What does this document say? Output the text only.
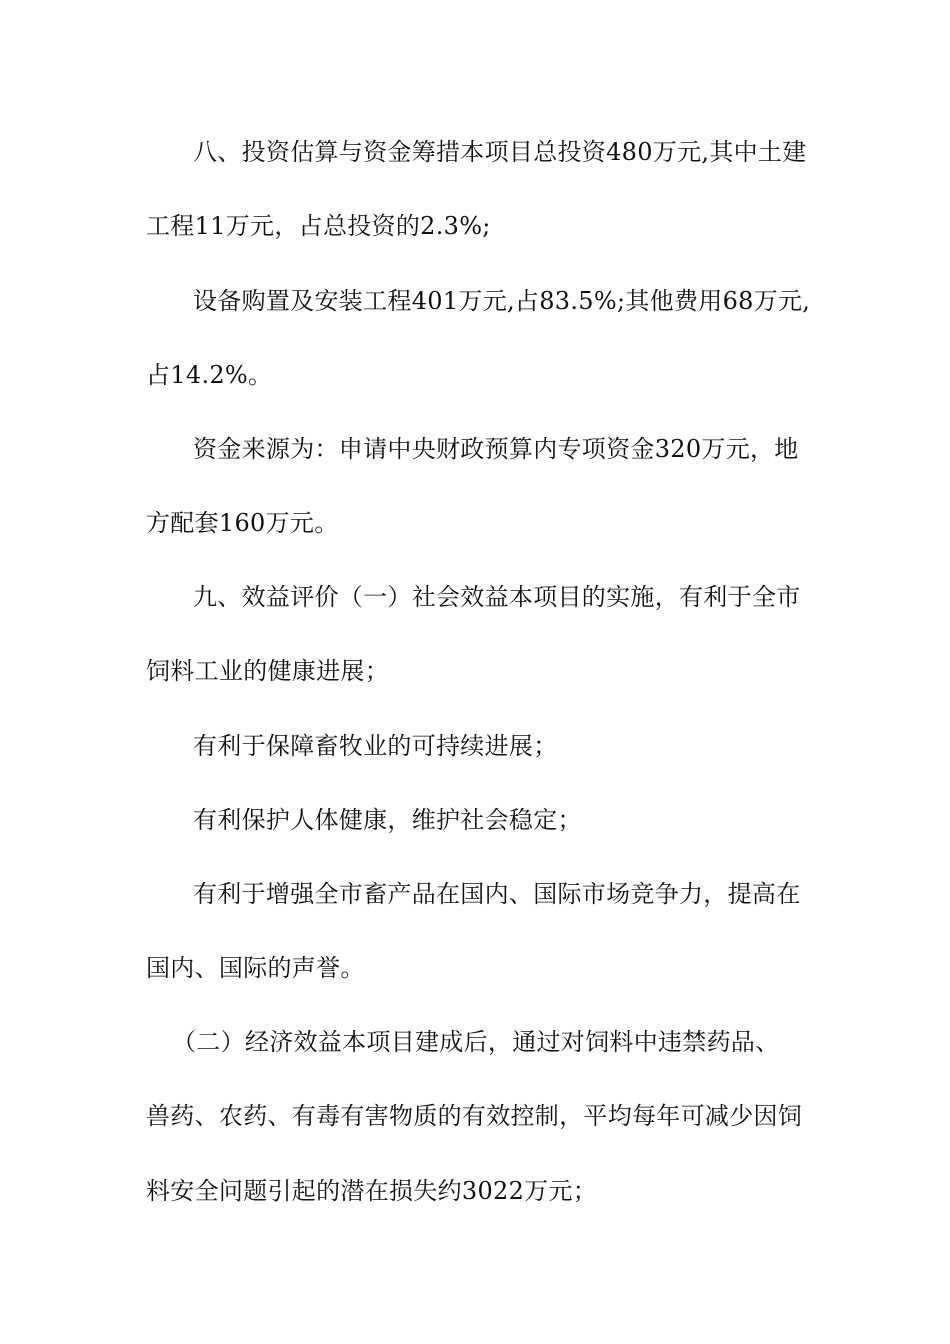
八、投资估算与资金筹措本项目总投资480万元,其中土建
工程11万元，占总投资的2.3%;
设备购置及安装工程401万元,占83.5%;其他费用68万元,
占14.2%。
资金来源为：申请中央财政预算内专项资金320万元，地
方配套160万元。
九、效益评价（一）社会效益本项目的实施，有利于全市
饲料工业的健康进展；
有利于保障畜牧业的可持续进展；
有利保护人体健康，维护社会稳定；
有利于增强全市畜产品在国内、国际市场竞争力，提高在
国内、国际的声誉。
（二）经济效益本项目建成后，通过对饲料中违禁药品、
兽药、农药、有毒有害物质的有效控制，平均每年可减少因饲
料安全问题引起的潜在损失约3022万元；
